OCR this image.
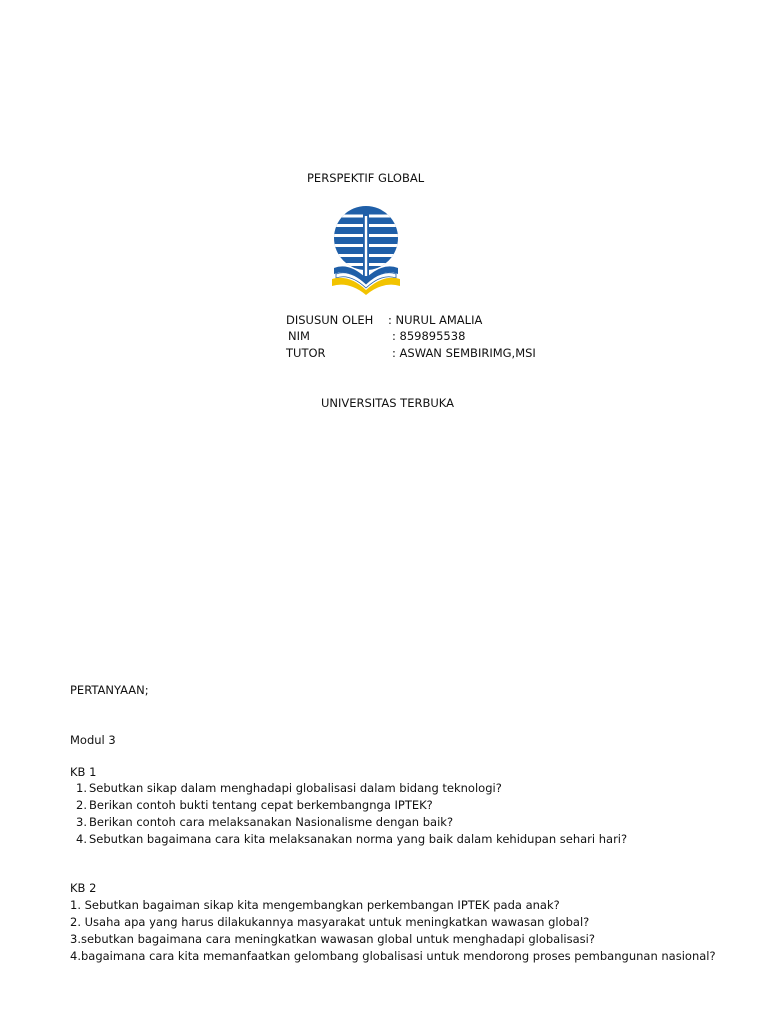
PERSPEKTIF GLOBAL
DISUSUN OLEH : NURUL AMALIA
NIM	: 859895538
TUTOR	: ASWAN SEMBIRIMG,MSI
UNIVERSITAS TERBUKA
PERTANYAAN;
Modul 3
KB 1
1. Sebutkan sikap dalam menghadapi globalisasi dalam bidang teknologi?
2. Berikan contoh bukti tentang cepat berkembangnga IPTEK?
3. Berikan contoh cara melaksanakan Nasionalisme dengan baik?
4. Sebutkan bagaimana cara kita melaksanakan norma yang baik dalam kehidupan sehari hari?
KB 2
1. Sebutkan bagaiman sikap kita mengembangkan perkembangan IPTEK pada anak?
2. Usaha apa yang harus dilakukannya masyarakat untuk meningkatkan wawasan global?
3.sebutkan bagaimana cara meningkatkan wawasan global untuk menghadapi globalisasi?
4.bagaimana cara kita memanfaatkan gelombang globalisasi untuk mendorong proses pembangunan nasional?
